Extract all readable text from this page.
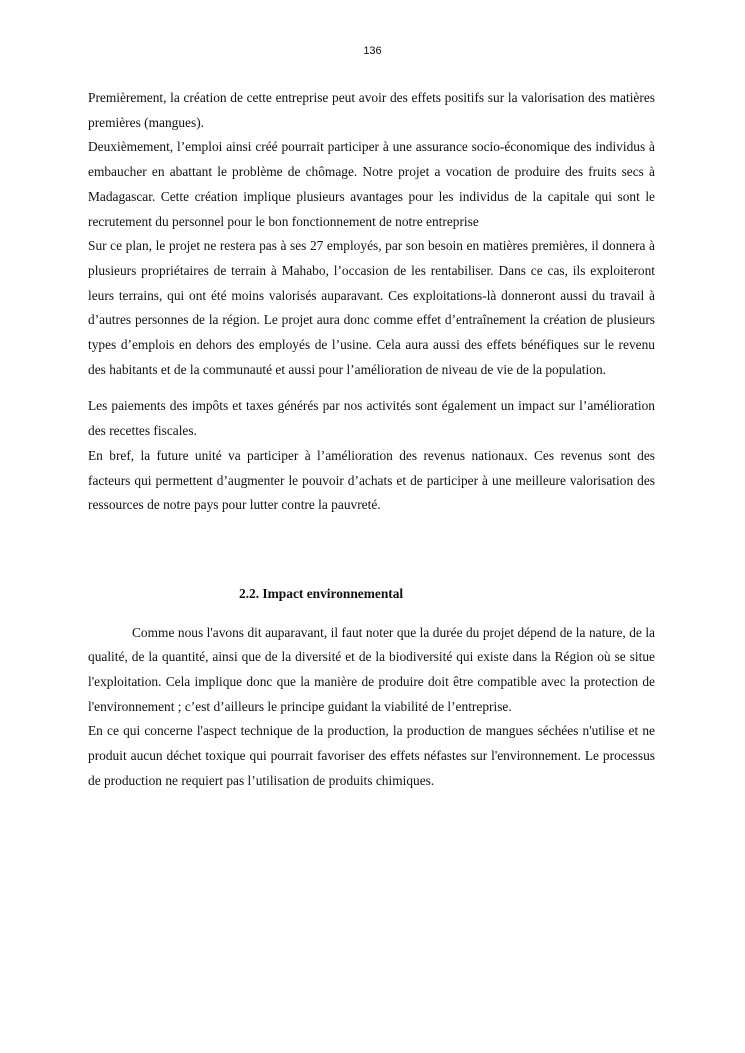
136

Premièrement, la création de cette entreprise peut avoir des effets positifs sur la valorisation des matières premières (mangues).

Deuxièmement, l’emploi ainsi créé pourrait participer à une assurance socio-économique des individus à embaucher en abattant le problème de chômage. Notre projet a vocation de produire des fruits secs à Madagascar. Cette création implique plusieurs avantages pour les individus de la capitale qui sont le recrutement du personnel pour le bon fonctionnement de notre entreprise

Sur ce plan, le projet ne restera pas à ses 27 employés, par son besoin en matières premières, il donnera à plusieurs propriétaires de terrain à Mahabo, l’occasion de les rentabiliser. Dans ce cas, ils exploiteront leurs terrains, qui ont été moins valorisés auparavant. Ces exploitations-là donneront aussi du travail à d’autres personnes de la région. Le projet aura donc comme effet d’entraînement la création de plusieurs types d’emplois en dehors des employés de l’usine. Cela aura aussi des effets bénéfiques sur le revenu des habitants et de la communauté et aussi pour l’amélioration de niveau de vie de la population.

Les paiements des impôts et taxes générés par nos activités sont également un impact sur l’amélioration des recettes fiscales.

En bref, la future unité va participer à l’amélioration des revenus nationaux. Ces revenus sont des facteurs qui permettent d’augmenter le pouvoir d’achats et de participer à une meilleure valorisation des ressources de notre pays pour lutter contre la pauvreté.

2.2. Impact environnemental

Comme nous l'avons dit auparavant, il faut noter que la durée du projet dépend de la nature, de la qualité, de la quantité, ainsi que de la diversité et de la biodiversité qui existe dans la Région où se situe l'exploitation. Cela implique donc que la manière de produire doit être compatible avec la protection de l'environnement ; c’est d’ailleurs le principe guidant la viabilité de l’entreprise.

En ce qui concerne l'aspect technique de la production, la production de mangues séchées n'utilise et ne produit aucun déchet toxique qui pourrait favoriser des effets néfastes sur l'environnement. Le processus de production ne requiert pas l’utilisation de produits chimiques.
